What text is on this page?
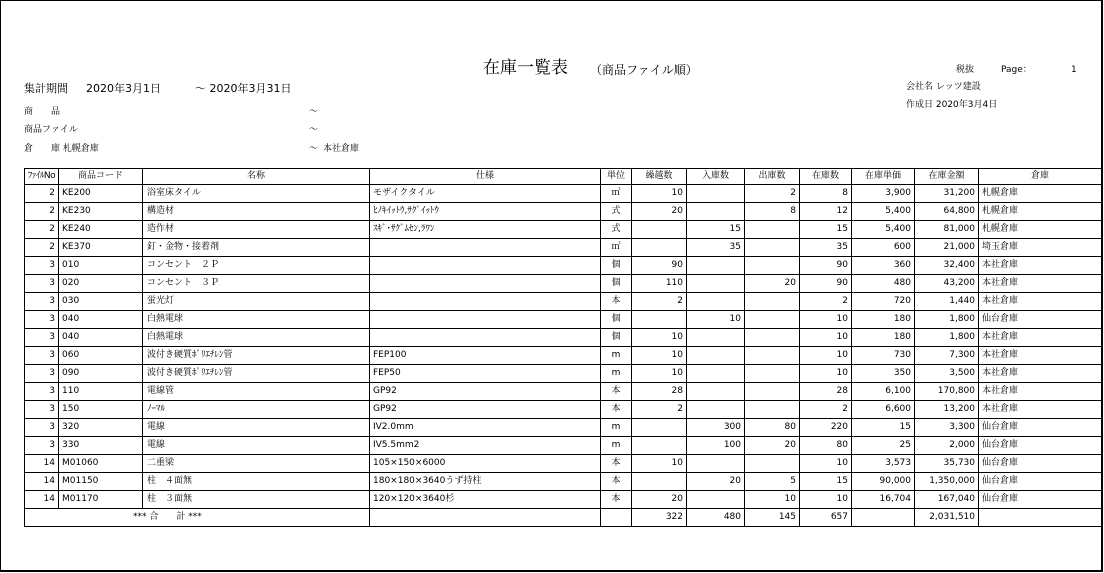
在庫一覧表 （商品ファイル順）	税抜	Page：	1
集計期間 2020年3月1日	～ 2020年3月31日	会社名 レッツ建設
作成日 2020年3月4日
商　　品	～
商品ファイル	～
倉　　庫 札幌倉庫	～ 本社倉庫
ﾌｧｲﾙNo	商品コード	名称	仕様	単位	繰越数	入庫数	出庫数	在庫数	在庫単価	在庫金額	倉庫
2	KE200	浴室床タイル	モザイクタイル	㎡	10		2	8	3,900	31,200	札幌倉庫
2	KE230	構造材	ﾋﾉｷｲｯﾄｳ,ｻｸﾞｲｯﾄｳ	式	20		8	12	5,400	64,800	札幌倉庫
2	KE240	造作材	ｽｷﾞ･ｻｸﾞﾑｾﾝ,ﾗﾜﾝ	式		15		15	5,400	81,000	札幌倉庫
2	KE370	釘・金物・接着剤		㎡		35		35	600	21,000	埼玉倉庫
3	010	コンセント　２Ｐ		個	90			90	360	32,400	本社倉庫
3	020	コンセント　３Ｐ		個	110		20	90	480	43,200	本社倉庫
3	030	蛍光灯		本	2			2	720	1,440	本社倉庫
3	040	白熱電球		個		10		10	180	1,800	仙台倉庫
3	040	白熱電球		個	10			10	180	1,800	本社倉庫
3	060	波付き硬質ﾎﾟﾘｴﾁﾚﾝ管	FEP100	m	10			10	730	7,300	本社倉庫
3	090	波付き硬質ﾎﾟﾘｴﾁﾚﾝ管	FEP50	m	10			10	350	3,500	本社倉庫
3	110	電線管	GP92	本	28			28	6,100	170,800	本社倉庫
3	150	ﾉｰﾏﾙ	GP92	本	2			2	6,600	13,200	本社倉庫
3	320	電線	IV2.0mm	m		300	80	220	15	3,300	仙台倉庫
3	330	電線	IV5.5mm2	m		100	20	80	25	2,000	仙台倉庫
14	M01060	二重梁	105×150×6000	本	10			10	3,573	35,730	仙台倉庫
14	M01150	柱　４面無	180×180×3640うず持柱	本		20	5	15	90,000	1,350,000	仙台倉庫
14	M01170	柱　３面無	120×120×3640杉	本	20		10	10	16,704	167,040	仙台倉庫
*** 合　　計 ***					322	480	145	657		2,031,510	
